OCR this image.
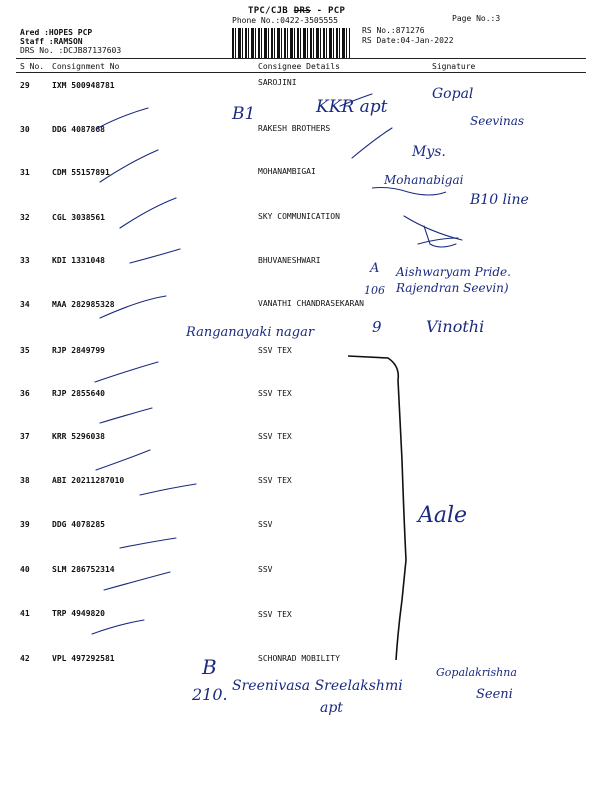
TPC/CJB DRS - PCP
Phone No.:0422-3505555	Page No.:3
RS No.:871276
RS Date:04-Jan-2022
Ared :HOPES PCP
Staff :RAMSON
DRS No. :DCJB87137603
S No. Consignment No	Consignee Details	Signature
29	IXM 500948781	SAROJINI
30	DDG 4087868	RAKESH BROTHERS
31	CDM 55157891	MOHANAMBIGAI
32	CGL 3038561	SKY COMMUNICATION
33	KDI 1331048	BHUVANESHWARI
34	MAA 282985328	VANATHI CHANDRASEKARAN
35	RJP 2849799	SSV TEX
36	RJP 2855640	SSV TEX
37	KRR 5296038	SSV TEX
38	ABI 20211287010	SSV TEX
39	DDG 4078285	SSV
40	SLM 286752314	SSV
41	TRP 4949820	SSV TEX
42	VPL 497292581	SCHONRAD MOBILITY
B1	KKR apt
Gopal
Seevinas
Mys.
Mohanabigai
B10 line
A
106
Aishwaryam Pride.
Rajendran Seevin)
Ranganayaki nagar	9	Vinothi
Aale
B
210. Sreenivasa Sreelakshmi
apt
Gopalakrishna
Seeni
